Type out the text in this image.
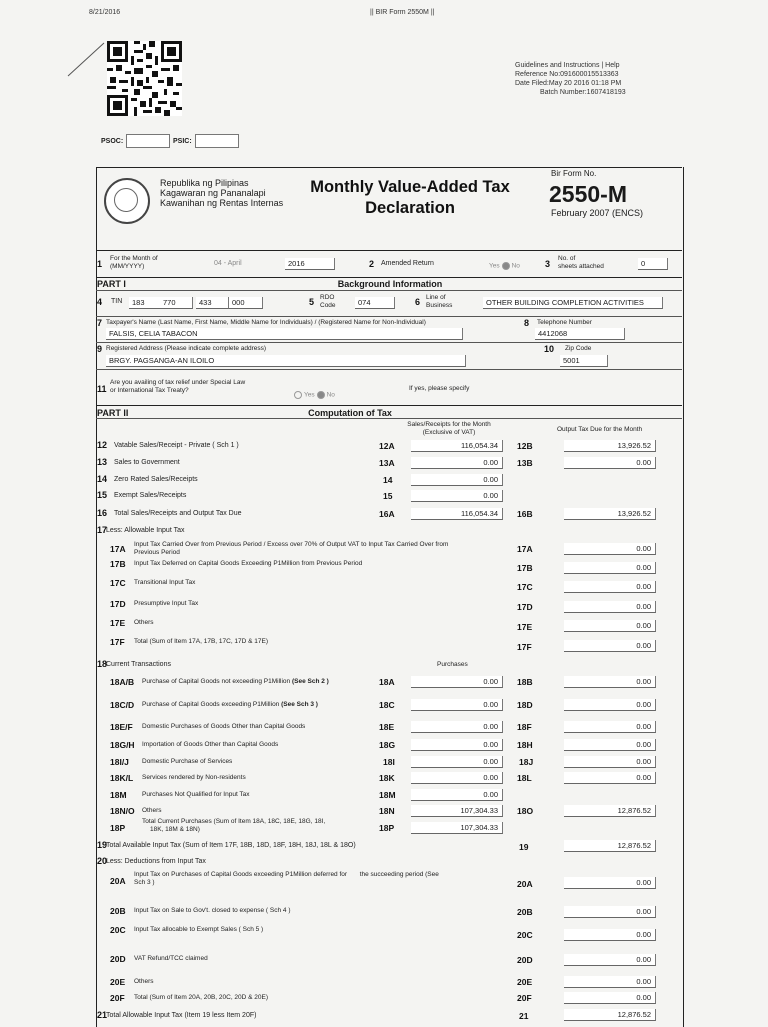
8/21/2016	|| BIR Form 2550M ||
Guidelines and Instructions | Help
Reference No:091600015513363
Date Filed:May 20 2016 01:18 PM
Batch Number:1607418193
PSOC:	PSIC:
Republika ng Pilipinas
Kagawaran ng Pananalapi
Kawanihan ng Rentas Internas
Monthly Value-Added Tax
Declaration
Bir Form No.
2550-M
February 2007 (ENCS)
1
For the Month of
(MM/YYYY)	04 - April	2016	2 Amended Return	Yes No	3
No. of
sheets attached	0
PART I	Background Information
4 TIN	183	770	433	000	5 RDO
Code	074	6 Line of
Business	OTHER BUILDING COMPLETION ACTIVITIES
7 Taxpayer's Name (Last Name, First Name, Middle Name for Individuals) / (Registered Name for Non-Individual)
FALSIS, CELIA TABACON
8 Telephone Number
4412068
9 Registered Address (Please indicate complete address)
BRGY. PAGSANGA-AN ILOILO
10 Zip Code
5001
11
Are you availing of tax relief under Special Law
or International Tax Treaty?
Yes No
If yes, please specify
PART II	Computation of Tax
Sales/Receipts for the Month
(Exclusive of VAT)	Output Tax Due for the Month
12 Vatable Sales/Receipt - Private ( Sch 1 )	12A	116,054.34	12B	13,926.52
13 Sales to Government	13A	0.00	13B	0.00
14 Zero Rated Sales/Receipts	14	0.00
15 Exempt Sales/Receipts	15	0.00
16 Total Sales/Receipts and Output Tax Due	16A	116,054.34	16B	13,926.52
17
Less: Allowable Input Tax
17A Input Tax Carried Over from Previous Period / Excess over 70% of Output VAT to Input Tax Carried Over from
Previous Period	17A	0.00
17B Input Tax Deferred on Capital Goods Exceeding P1Million from Previous Period	17B	0.00
17C Transitional Input Tax	17C	0.00
17D Presumptive Input Tax	17D	0.00
17E Others	17E	0.00
17F Total (Sum of Item 17A, 17B, 17C, 17D & 17E)
17F	0.00
18
Current Transactions	Purchases
18A/B Purchase of Capital Goods not exceeding P1Million (See Sch 2 )	18A	0.00	18B	0.00
18C/D Purchase of Capital Goods exceeding P1Million (See Sch 3 )	18C	0.00	18D	0.00
18E/F Domestic Purchases of Goods Other than Capital Goods	18E	0.00	18F	0.00
18G/H Importation of Goods Other than Capital Goods	18G	0.00	18H	0.00
18I/J Domestic Purchase of Services	18I	0.00	18J	0.00
18K/L Services rendered by Non-residents	18K	0.00	18L	0.00
18M Purchases Not Qualified for Input Tax	18M	0.00
18N/O Others	18N	107,304.33	18O	12,876.52
18P
Total Current Purchases (Sum of Item 18A, 18C, 18E, 18G, 18I,
18K, 18M & 18N)	18P	107,304.33
19
Total Available Input Tax (Sum of Item 17F, 18B, 18D, 18F, 18H, 18J, 18L & 18O)	19	12,876.52
20
Less: Deductions from Input Tax
20A
Input Tax on Purchases of Capital Goods exceeding P1Million deferred for the succeeding period (See
Sch 3 )	20A	0.00
20B Input Tax on Sale to Gov't. closed to expense ( Sch 4 )	20B	0.00
20C Input Tax allocable to Exempt Sales ( Sch 5 )
20C	0.00
20D VAT Refund/TCC claimed	20D	0.00
20E Others	20E	0.00
20F Total (Sum of Item 20A, 20B, 20C, 20D & 20E)	20F	0.00
21
Total Allowable Input Tax (Item 19 less Item 20F)	21	12,876.52
